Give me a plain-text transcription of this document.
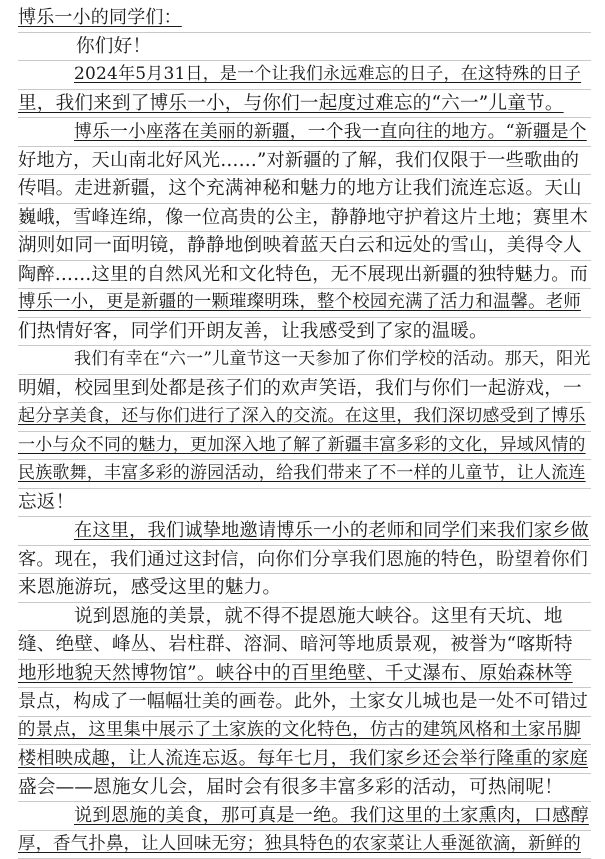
博乐一小的同学们：
你们好！
2024年5月31日，是一个让我们永远难忘的日子，在这特殊的日子
里，我们来到了博乐一小，与你们一起度过难忘的“六一”儿童节。
博乐一小座落在美丽的新疆，一个我一直向往的地方。“新疆是个
好地方，天山南北好风光……”对新疆的了解，我们仅限于一些歌曲的
传唱。走进新疆，这个充满神秘和魅力的地方让我们流连忘返。天山
巍峨，雪峰连绵，像一位高贵的公主，静静地守护着这片土地；赛里木
湖则如同一面明镜，静静地倒映着蓝天白云和远处的雪山，美得令人
陶醉……这里的自然风光和文化特色，无不展现出新疆的独特魅力。而
博乐一小，更是新疆的一颗璀璨明珠，整个校园充满了活力和温馨。老师
们热情好客，同学们开朗友善，让我感受到了家的温暖。
我们有幸在“六一”儿童节这一天参加了你们学校的活动。那天，阳光
明媚，校园里到处都是孩子们的欢声笑语，我们与你们一起游戏，一
起分享美食，还与你们进行了深入的交流。在这里，我们深切感受到了博乐
一小与众不同的魅力，更加深入地了解了新疆丰富多彩的文化，异域风情的
民族歌舞，丰富多彩的游园活动，给我们带来了不一样的儿童节，让人流连
忘返！
在这里，我们诚挚地邀请博乐一小的老师和同学们来我们家乡做
客。现在，我们通过这封信，向你们分享我们恩施的特色，盼望着你们
来恩施游玩，感受这里的魅力。
说到恩施的美景，就不得不提恩施大峡谷。这里有天坑、地
缝、绝壁、峰丛、岩柱群、溶洞、暗河等地质景观，被誉为“喀斯特
地形地貌天然博物馆”。峡谷中的百里绝壁、千丈瀑布、原始森林等
景点，构成了一幅幅壮美的画卷。此外，土家女儿城也是一处不可错过
的景点，这里集中展示了土家族的文化特色，仿古的建筑风格和土家吊脚
楼相映成趣，让人流连忘返。每年七月，我们家乡还会举行隆重的家庭
盛会——恩施女儿会，届时会有很多丰富多彩的活动，可热闹呢！
说到恩施的美食，那可真是一绝。我们这里的土家熏肉，口感醇
厚，香气扑鼻，让人回味无穷；独具特色的农家菜让人垂涎欲滴，新鲜的
